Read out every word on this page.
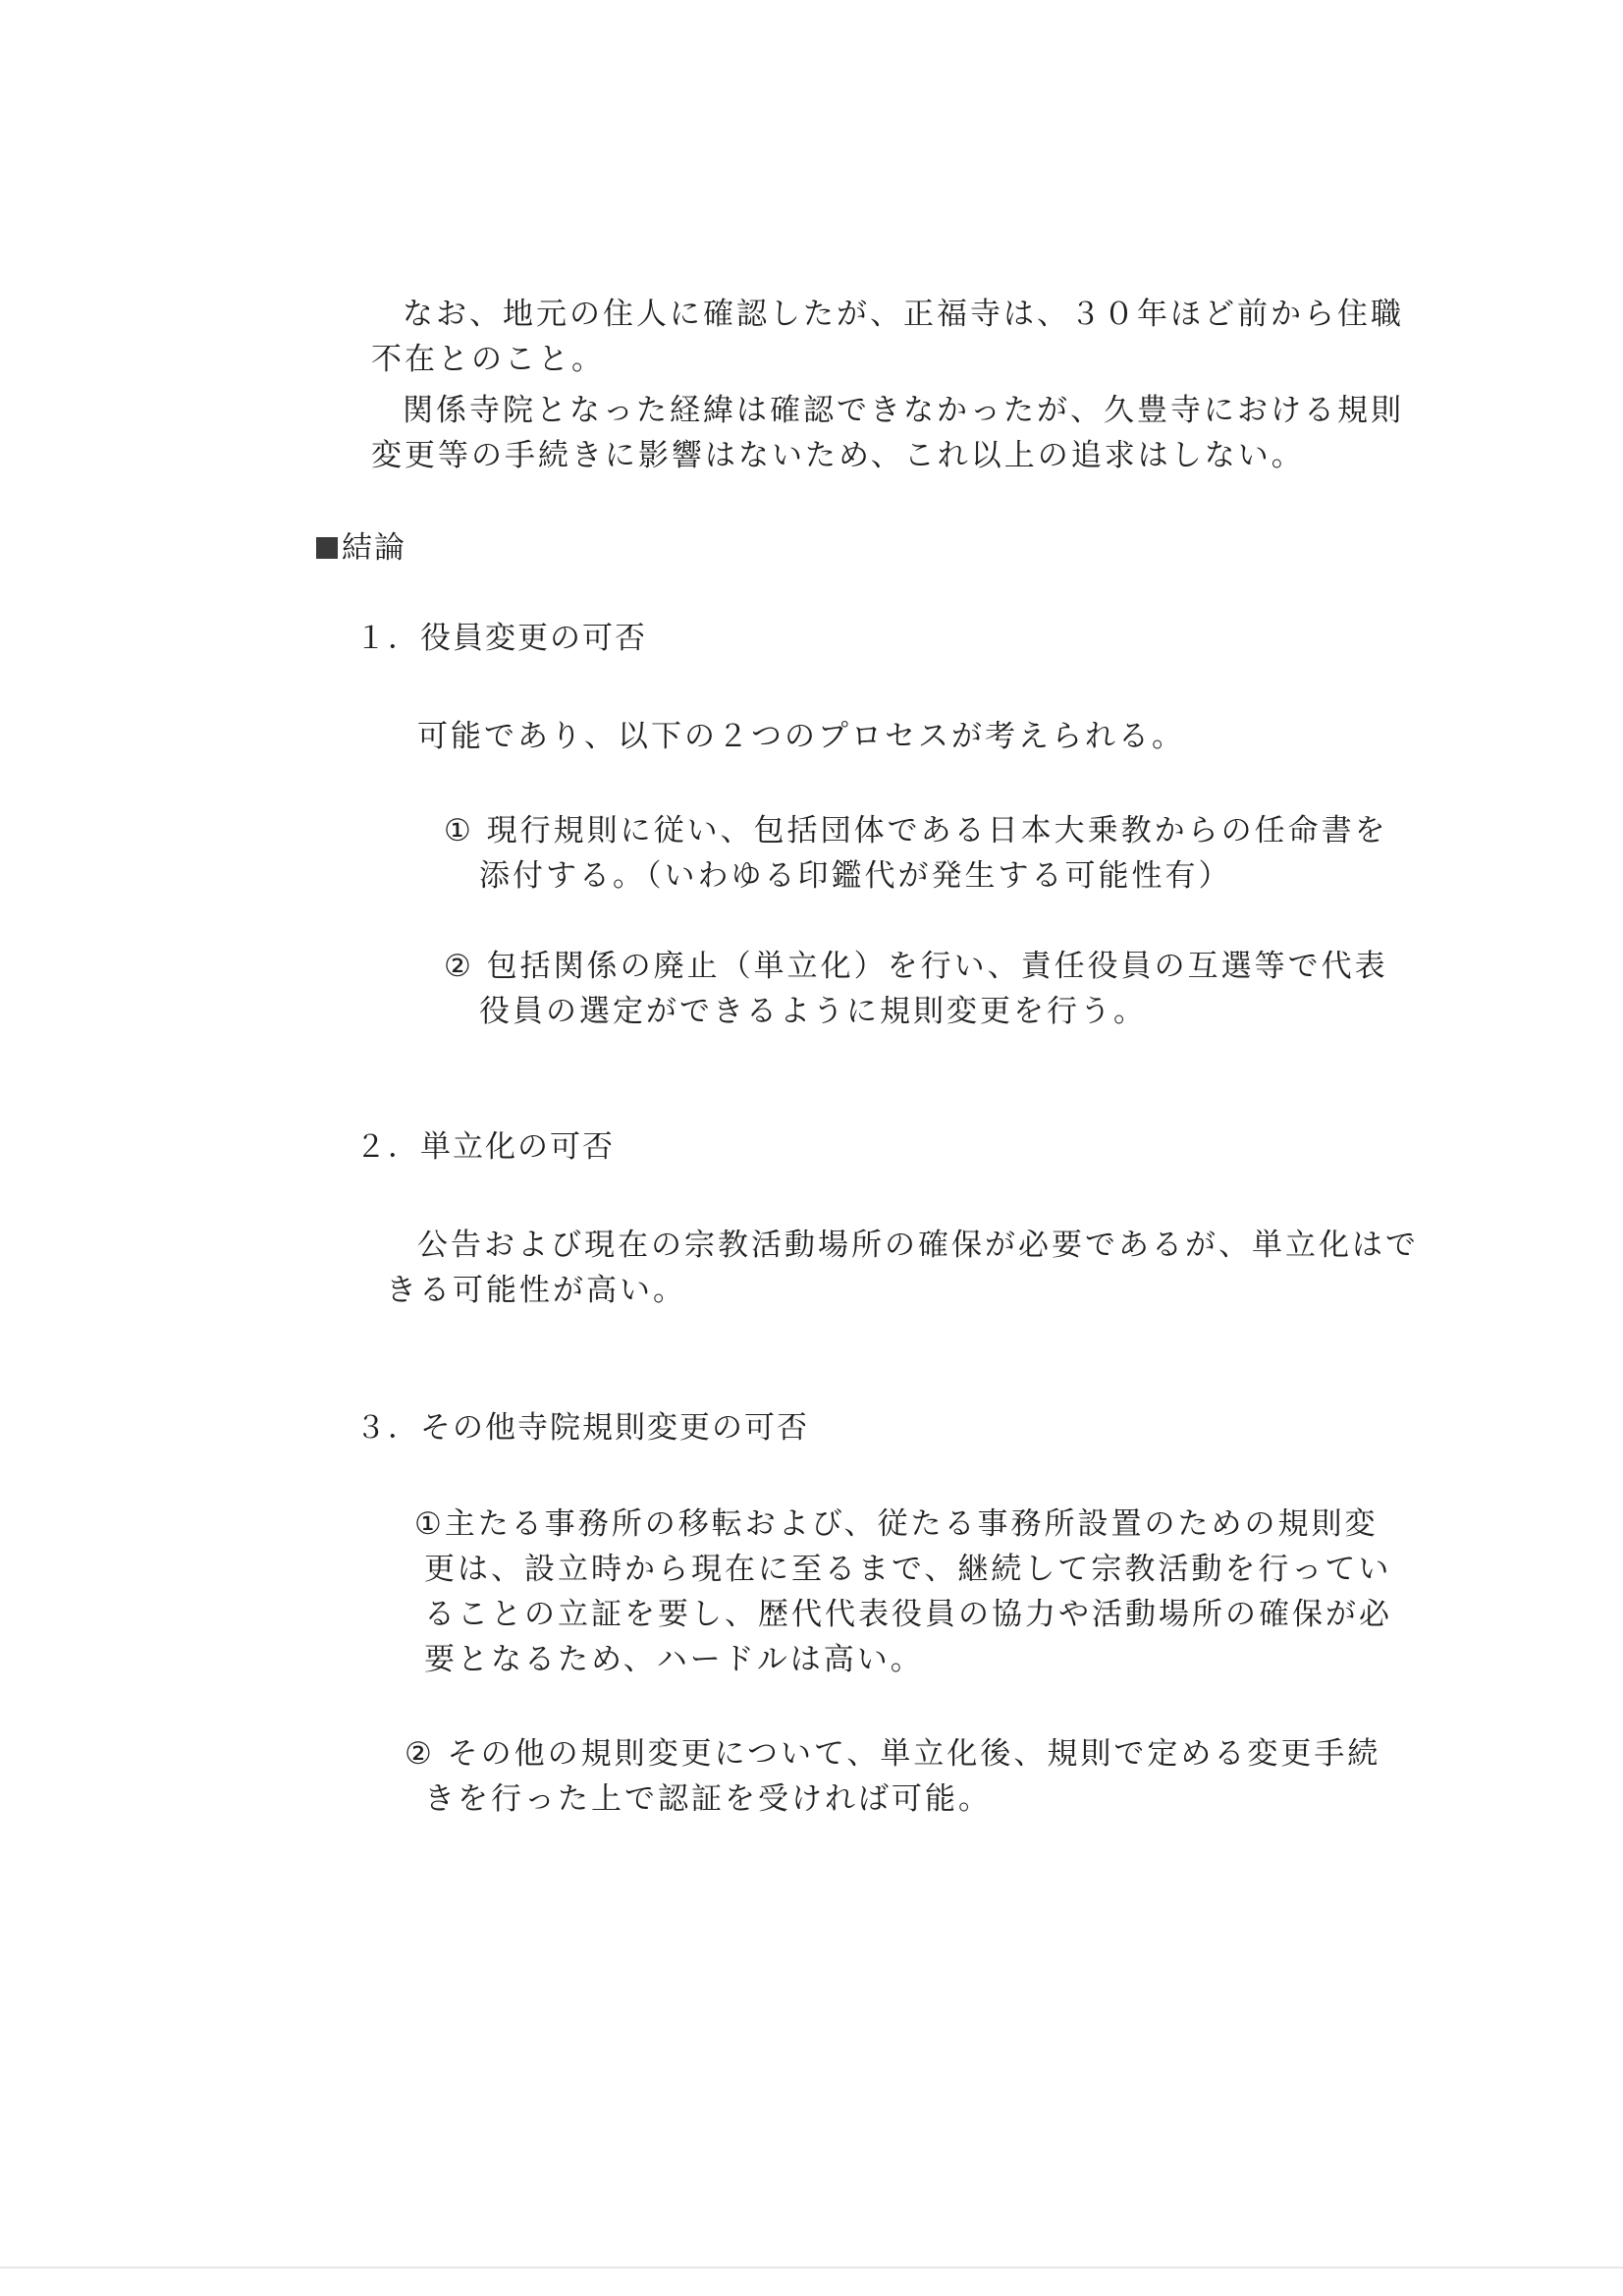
なお、地元の住人に確認したが、正福寺は、３０年ほど前から住職
不在とのこと。
関係寺院となった経緯は確認できなかったが、久豊寺における規則
変更等の手続きに影響はないため、これ以上の追求はしない。
結論
１．役員変更の可否
可能であり、以下の２つのプロセスが考えられる。
① 現行規則に従い、包括団体である日本大乗教からの任命書を
添付する。（いわゆる印鑑代が発生する可能性有）
② 包括関係の廃止（単立化）を行い、責任役員の互選等で代表
役員の選定ができるように規則変更を行う。
２．単立化の可否
公告および現在の宗教活動場所の確保が必要であるが、単立化はで
きる可能性が高い。
３．その他寺院規則変更の可否
①主たる事務所の移転および、従たる事務所設置のための規則変
更は、設立時から現在に至るまで、継続して宗教活動を行ってい
ることの立証を要し、歴代代表役員の協力や活動場所の確保が必
要となるため、ハードルは高い。
② その他の規則変更について、単立化後、規則で定める変更手続
きを行った上で認証を受ければ可能。
